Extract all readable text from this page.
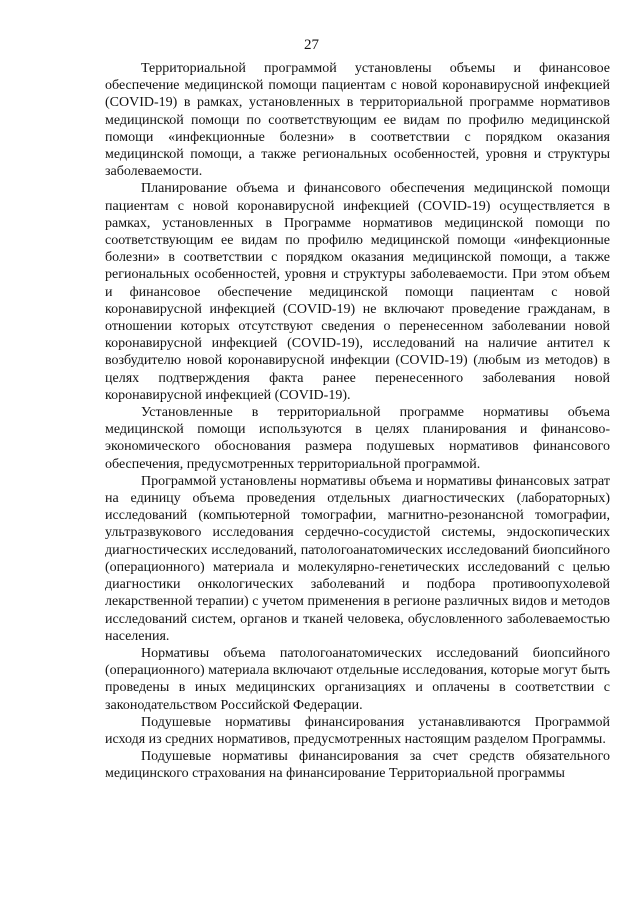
27

Территориальной программой установлены объемы и финансовое обеспечение медицинской помощи пациентам с новой коронавирусной инфекцией (COVID-19) в рамках, установленных в территориальной программе нормативов медицинской помощи по соответствующим ее видам по профилю медицинской помощи «инфекционные болезни» в соответствии с порядком оказания медицинской помощи, а также региональных особенностей, уровня и структуры заболеваемости.

Планирование объема и финансового обеспечения медицинской помощи пациентам с новой коронавирусной инфекцией (COVID-19) осуществляется в рамках, установленных в Программе нормативов медицинской помощи по соответствующим ее видам по профилю медицинской помощи «инфекционные болезни» в соответствии с порядком оказания медицинской помощи, а также региональных особенностей, уровня и структуры заболеваемости. При этом объем и финансовое обеспечение медицинской помощи пациентам с новой коронавирусной инфекцией (COVID-19) не включают проведение гражданам, в отношении которых отсутствуют сведения о перенесенном заболевании новой коронавирусной инфекцией (COVID-19), исследований на наличие антител к возбудителю новой коронавирусной инфекции (COVID-19) (любым из методов) в целях подтверждения факта ранее перенесенного заболевания новой коронавирусной инфекцией (COVID-19).

Установленные в территориальной программе нормативы объема медицинской помощи используются в целях планирования и финансово-экономического обоснования размера подушевых нормативов финансового обеспечения, предусмотренных территориальной программой.

Программой установлены нормативы объема и нормативы финансовых затрат на единицу объема проведения отдельных диагностических (лабораторных) исследований (компьютерной томографии, магнитно-резонансной томографии, ультразвукового исследования сердечно-сосудистой системы, эндоскопических диагностических исследований, патологоанатомических исследований биопсийного (операционного) материала и молекулярно-генетических исследований с целью диагностики онкологических заболеваний и подбора противоопухолевой лекарственной терапии) с учетом применения в регионе различных видов и методов исследований систем, органов и тканей человека, обусловленного заболеваемостью населения.

Нормативы объема патологоанатомических исследований биопсийного (операционного) материала включают отдельные исследования, которые могут быть проведены в иных медицинских организациях и оплачены в соответствии с законодательством Российской Федерации.

Подушевые нормативы финансирования устанавливаются Программой исходя из средних нормативов, предусмотренных настоящим разделом Программы.

Подушевые нормативы финансирования за счет средств обязательного медицинского страхования на финансирование Территориальной программы
